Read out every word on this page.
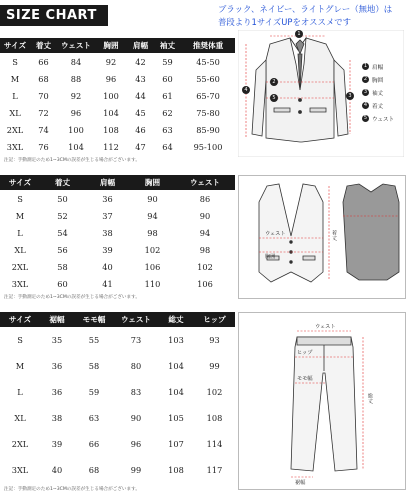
SIZE CHART	ブラック、ネイビー、ライトグレー（無地）は
普段より1サイズUPをオススメです
サイズ	着丈	ウェスト	胸囲	肩幅	袖丈	推奨体重
S	66	84	92	42	59	45-50
M	68	88	96	43	60	55-60
L	70	92	100	44	61	65-70
XL	72	96	104	45	62	75-80
2XL	74	100	108	46	63	85-90
3XL	76	104	112	47	64	95-100
注記：手動測定のため1~3CMの誤差が生じる場合がございます。
1
2
3
4
5
1 肩幅
2 胸囲
3 袖丈
4 着丈
5 ウェスト
サイズ	着丈	肩幅	胸囲	ウェスト
S	50	36	90	86
M	52	37	94	90
L	54	38	98	94
XL	56	39	102	98
2XL	58	40	106	102
3XL	60	41	110	106
注記：手動測定のため1~3CMの誤差が生じる場合がございます。
ウェスト	着丈
胸囲
サイズ	裾幅	モモ幅	ウェスト	総丈	ヒップ
S	35	55	73	103	93
M	36	58	80	104	99
L	36	59	83	104	102
XL	38	63	90	105	108
2XL	39	66	96	107	114
3XL	40	68	99	108	117
注記：手動測定のため1~3CMの誤差が生じる場合がございます。
ウェスト
ヒップ
モモ幅
総丈
裾幅
